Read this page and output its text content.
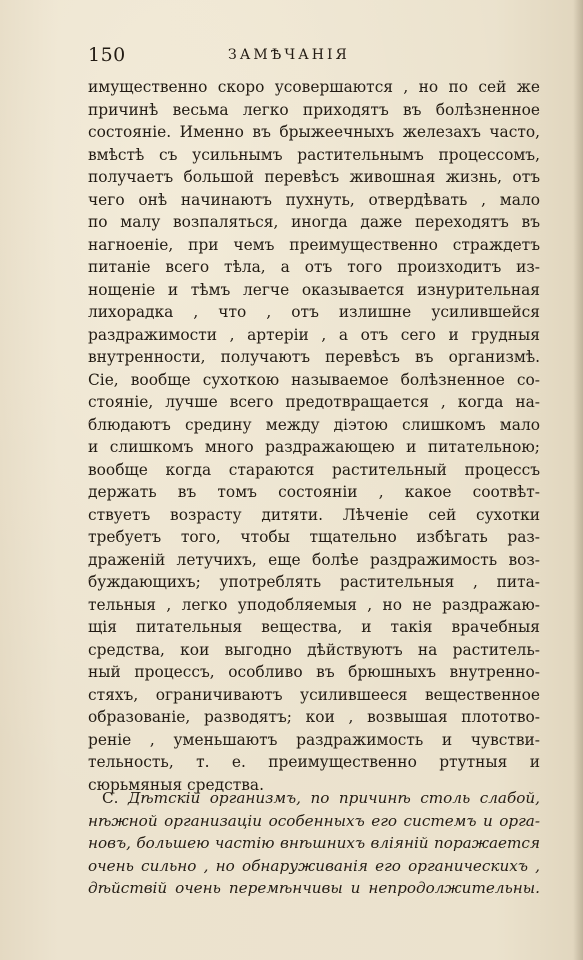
150	ЗАМѢЧАНІЯ
имущественно скоро усовершаются , но по сей же
причинѣ весьма легко приходятъ въ болѣзненное
состояніе. Именно въ брыжеечныхъ железахъ часто,
вмѣстѣ съ усильнымъ растительнымъ процессомъ,
получаетъ большой перевѣсъ живошная жизнь, отъ
чего онѣ начинаютъ пухнуть, отвердѣвать , мало
по малу возпаляться, иногда даже переходятъ въ
нагноеніе, при чемъ преимущественно страждетъ
питаніе всего тѣла, а отъ того произходитъ из-
нощеніе и тѣмъ легче оказывается изнурительная лихорадка , что , отъ излишне усилившейся
раздражимости , артеріи , а отъ сего и грудныя
внутренности, получаютъ перевѣсъ въ организмѣ.
Сіе, вообще сухоткою называемое болѣзненное со-
стояніе, лучше всего предотвращается , когда на-
блюдаютъ средину между діэтою слишкомъ мало
и слишкомъ много раздражающею и питательною;
вообще когда стараются растительный процессъ
держать въ томъ состояніи , какое соотвѣт-
ствуетъ возрасту дитяти. Лѣченіе сей сухотки
требуетъ того, чтобы тщательно избѣгать раз-
драженій летучихъ, еще болѣе раздражимость воз-
буждающихъ; употреблять растительныя , пита-
тельныя , легко уподобляемыя , но не раздражаю-
щія питательныя вещества, и такія врачебныя
средства, кои выгодно дѣйствуютъ на раститель-
ный процессъ, особливо въ брюшныхъ внутренно-
стяхъ, ограничиваютъ усилившееся вещественное
образованіе, разводятъ; кои , возвышая плототво-
реніе , уменьшаютъ раздражимость и чувстви-
тельность, т. е. преимущественно ртутныя и
сюрьмяныя средства.
С. Дѣтскій организмъ, по причинѣ столь слабой,
нѣжной организаціи особенныхъ его системъ и орга-
новъ, большею частію внѣшнихъ вліяній поражается
очень сильно , но обнаруживанія его органическихъ ,
дѣйствій очень перемѣнчивы и непродолжительны.
